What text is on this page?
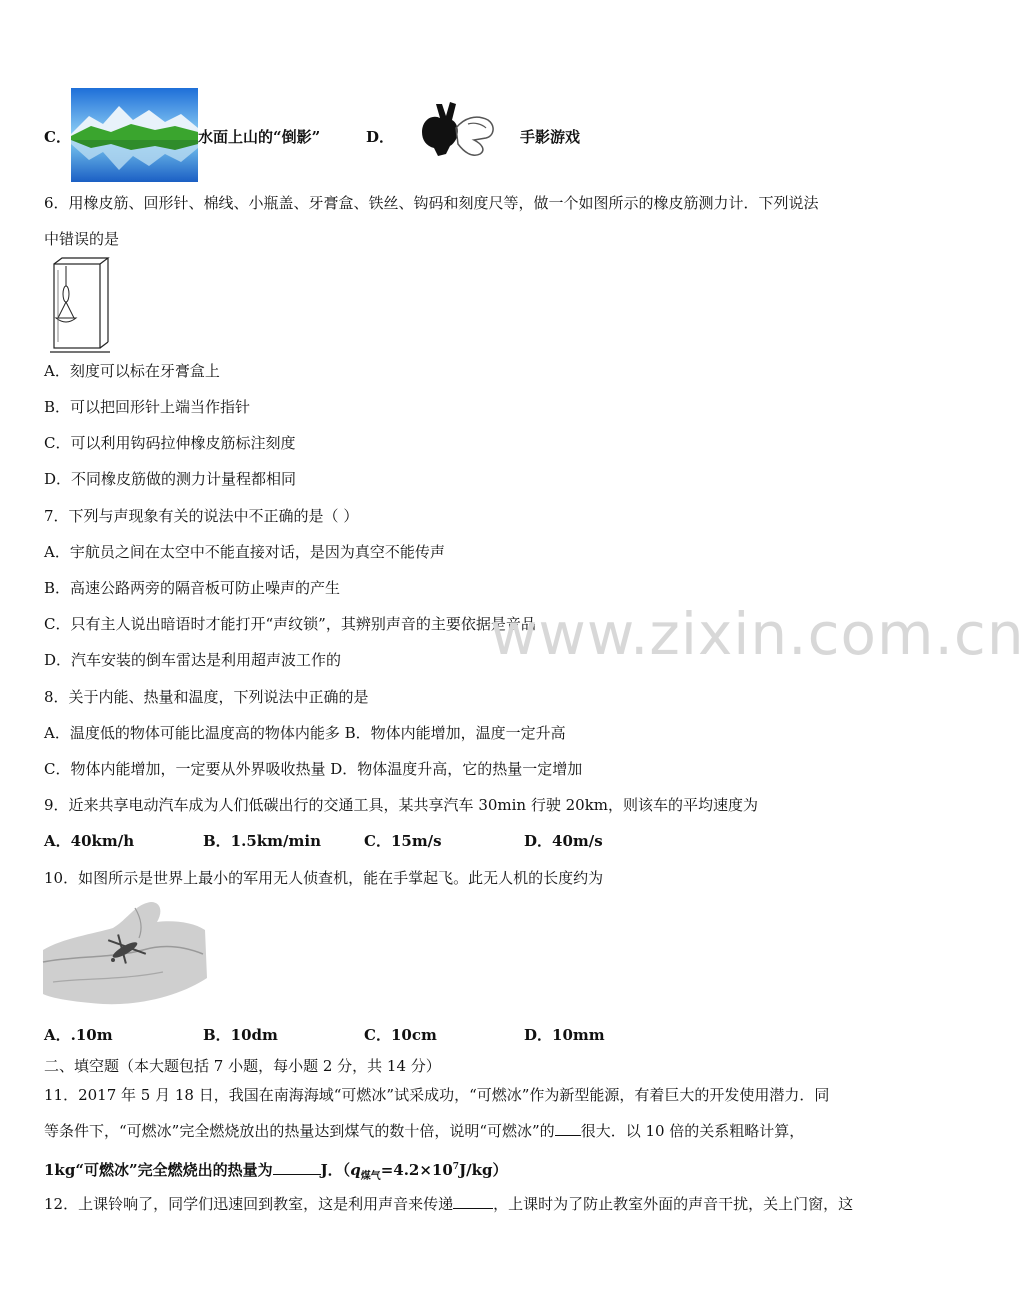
C．	水面上山的“倒影”	D．	手影游戏
6．用橡皮筋、回形针、棉线、小瓶盖、牙膏盒、铁丝、钩码和刻度尺等，做一个如图所示的橡皮筋测力计．下列说法
中错误的是
A．刻度可以标在牙膏盒上
B．可以把回形针上端当作指针
C．可以利用钩码拉伸橡皮筋标注刻度
D．不同橡皮筋做的测力计量程都相同
7．下列与声现象有关的说法中不正确的是（ ）
A．宇航员之间在太空中不能直接对话，是因为真空不能传声
B．高速公路两旁的隔音板可防止噪声的产生
C．只有主人说出暗语时才能打开“声纹锁”，其辨别声音的主要依据是音品
D．汽车安装的倒车雷达是利用超声波工作的
8．关于内能、热量和温度，下列说法中正确的是
A．温度低的物体可能比温度高的物体内能多 B．物体内能增加，温度一定升高
C．物体内能增加，一定要从外界吸收热量 D．物体温度升高，它的热量一定增加
9．近来共享电动汽车成为人们低碳出行的交通工具，某共享汽车 30min 行驶 20km，则该车的平均速度为
A．40km/h	B．1.5km/min	C．15m/s	D．40m/s
10．如图所示是世界上最小的军用无人侦查机，能在手掌起飞。此无人机的长度约为
A．.10m	B．10dm	C．10cm	D．10mm
二、填空题（本大题包括 7 小题，每小题 2 分，共 14 分）
11．2017 年 5 月 18 日，我国在南海海域“可燃冰”试采成功，“可燃冰”作为新型能源，有着巨大的开发使用潜力．同
等条件下，“可燃冰”完全燃烧放出的热量达到煤气的数十倍，说明“可燃冰”的 很大．以 10 倍的关系粗略计算，
1kg“可燃冰”完全燃烧出的热量为	J．$(q_{煤气}=4.2\times 10^7J/kg)$
12．上课铃响了，同学们迅速回到教室，这是利用声音来传递	，上课时为了防止教室外面的声音干扰，关上门窗，这
www.zixin.com.cn
